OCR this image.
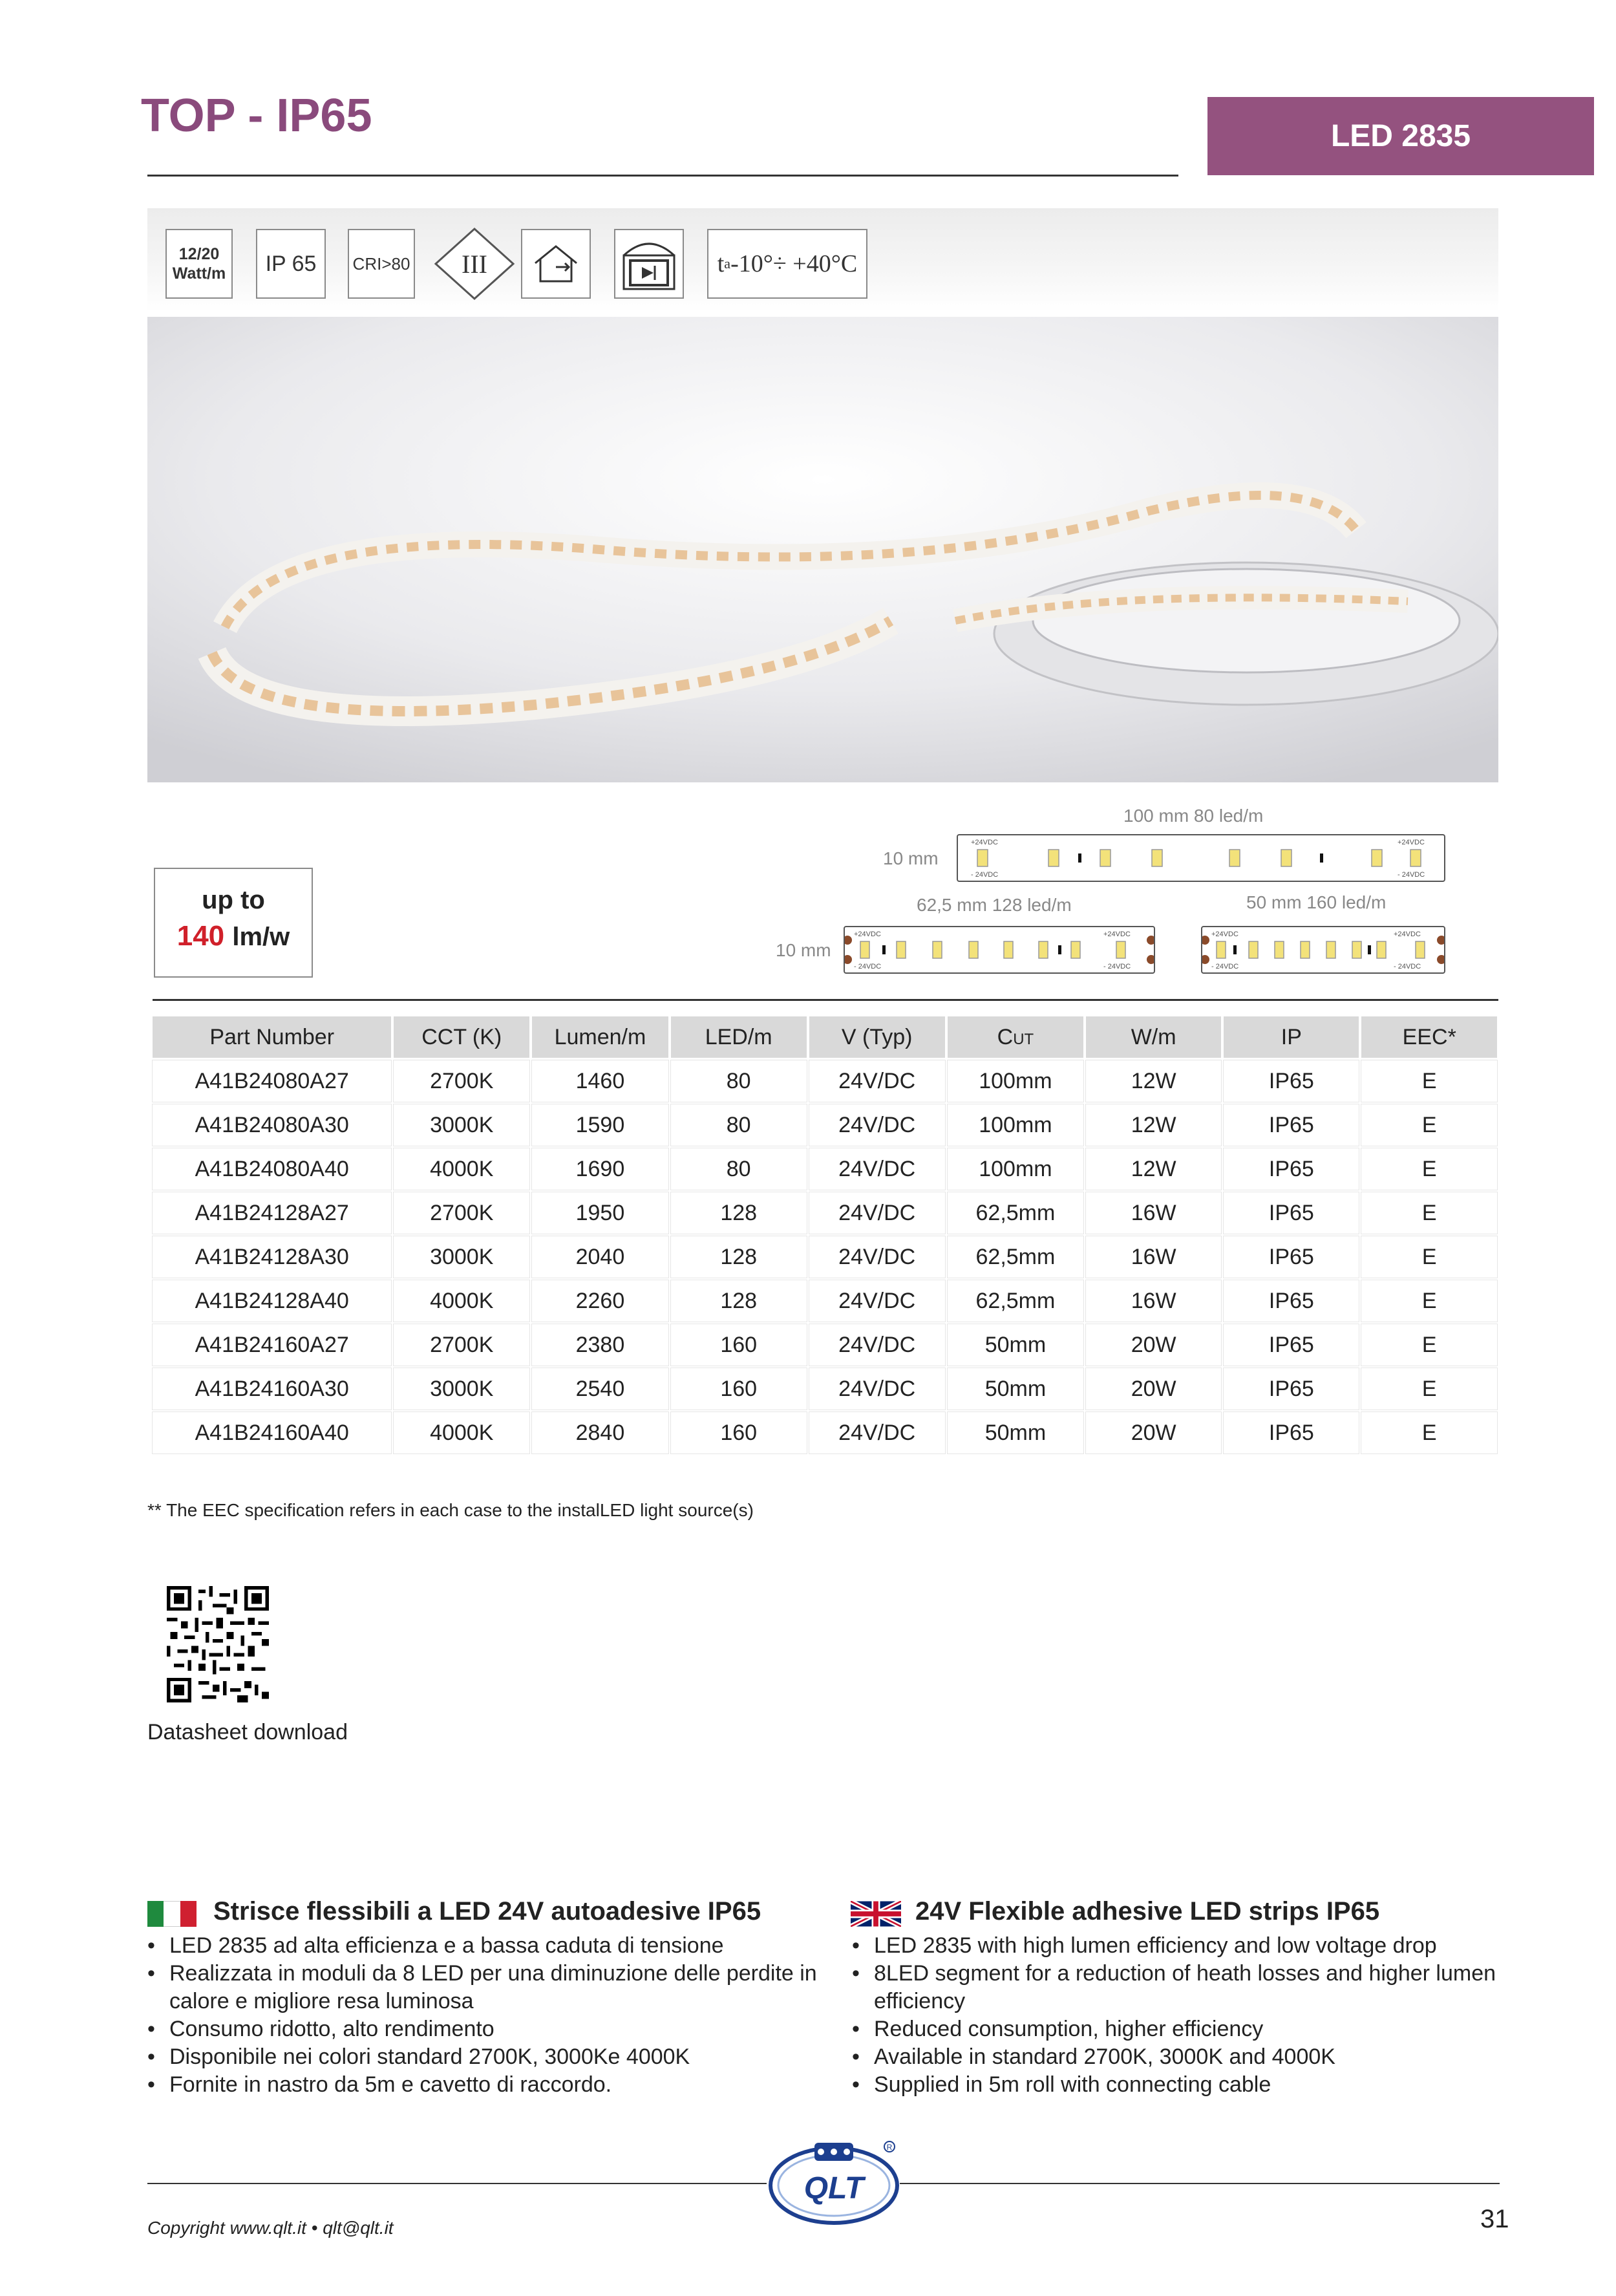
TOP - IP65	LED 2835
12/20
Watt/m	IP 65	CRI>80 III	t a -10°÷ +40°C
100 mm 80 led/m
10 mm
+24VDC
- 24VDC
+24VDC
- 24VDC
62,5 mm 128 led/m	50 mm 160 led/m
10 mm
+24VDC
- 24VDC
+24VDC
- 24VDC
+24VDC
- 24VDC
+24VDC
- 24VDC
up to
140 lm/w
Part Number	CCT (K)	Lumen/m	LED/m	V (Typ)	Cut	W/m	IP	EEC*
A41B24080A27	2700K	1460	80	24V/DC	100mm	12W	IP65	E
A41B24080A30	3000K	1590	80	24V/DC	100mm	12W	IP65	E
A41B24080A40	4000K	1690	80	24V/DC	100mm	12W	IP65	E
A41B24128A27	2700K	1950	128	24V/DC	62,5mm	16W	IP65	E
A41B24128A30	3000K	2040	128	24V/DC	62,5mm	16W	IP65	E
A41B24128A40	4000K	2260	128	24V/DC	62,5mm	16W	IP65	E
A41B24160A27	2700K	2380	160	24V/DC	50mm	20W	IP65	E
A41B24160A30	3000K	2540	160	24V/DC	50mm	20W	IP65	E
A41B24160A40	4000K	2840	160	24V/DC	50mm	20W	IP65	E
** The EEC specification refers in each case to the instalLED light source(s)
Datasheet download
Strisce flessibili a LED 24V autoadesive IP65
• LED 2835 ad alta efficienza e a bassa caduta di tensione
• Realizzata in moduli da 8 LED per una diminuzione delle perdite in calore e migliore resa luminosa
• Consumo ridotto, alto rendimento
• Disponibile nei colori standard 2700K, 3000Ke 4000K
• Fornite in nastro da 5m e cavetto di raccordo.
24V Flexible adhesive LED strips IP65
• LED 2835 with high lumen efficiency and low voltage drop
• 8LED segment for a reduction of heath losses and higher lumen efficiency
• Reduced consumption, higher efficiency
• Available in standard 2700K, 3000K and 4000K
• Supplied in 5m roll with connecting cable
QLT
R
Copyright www.qlt.it • qlt@qlt.it	31
